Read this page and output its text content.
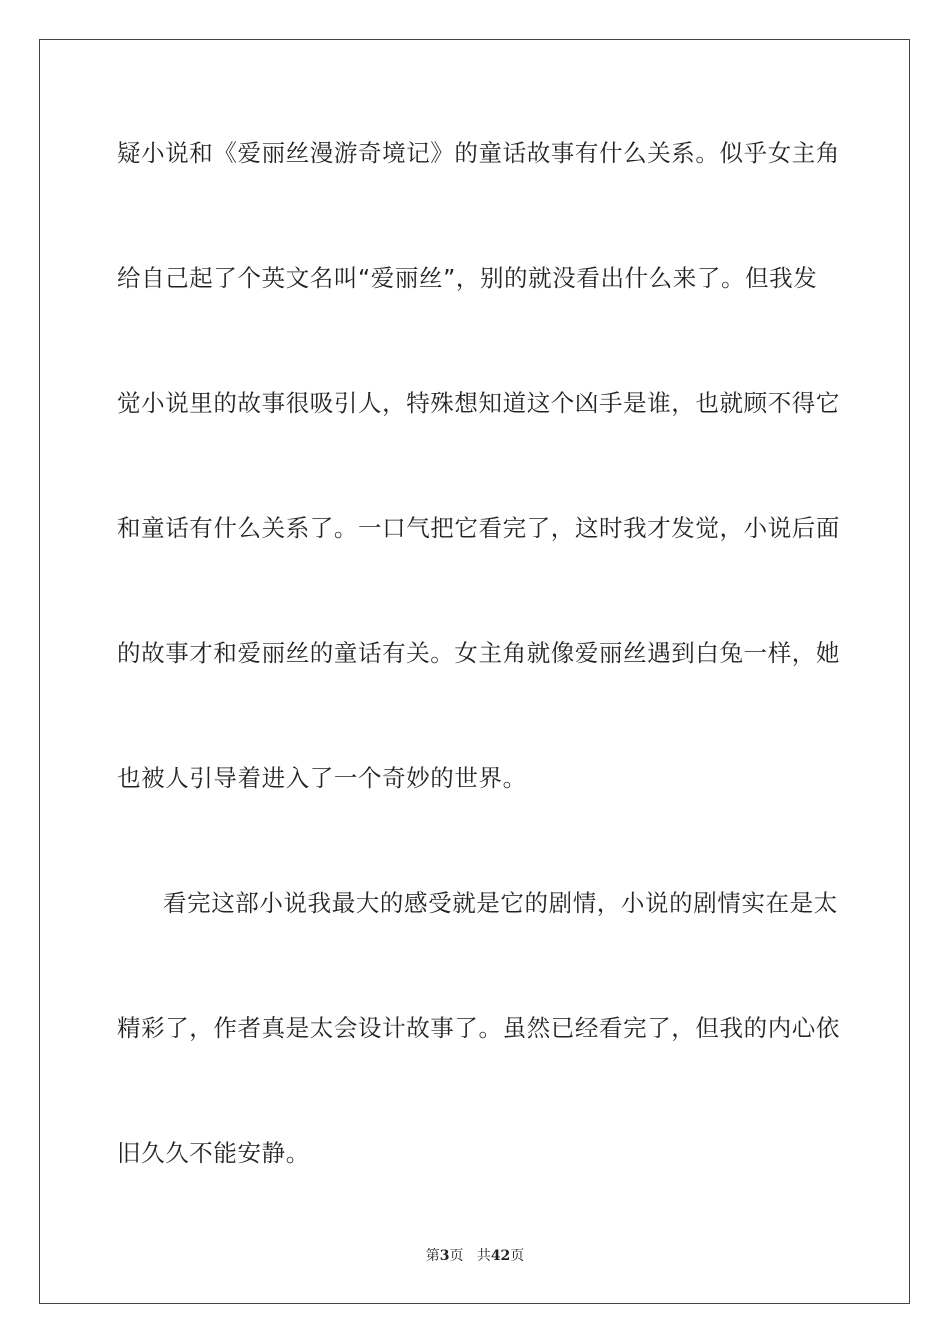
疑小说和《爱丽丝漫游奇境记》的童话故事有什么关系。似乎女主角
给自己起了个英文名叫“爱丽丝”，别的就没看出什么来了。但我发
觉小说里的故事很吸引人，特殊想知道这个凶手是谁，也就顾不得它
和童话有什么关系了。一口气把它看完了，这时我才发觉，小说后面
的故事才和爱丽丝的童话有关。女主角就像爱丽丝遇到白兔一样，她
也被人引导着进入了一个奇妙的世界。
看完这部小说我最大的感受就是它的剧情，小说的剧情实在是太
精彩了，作者真是太会设计故事了。虽然已经看完了，但我的内心依
旧久久不能安静。
第3页 共42页
